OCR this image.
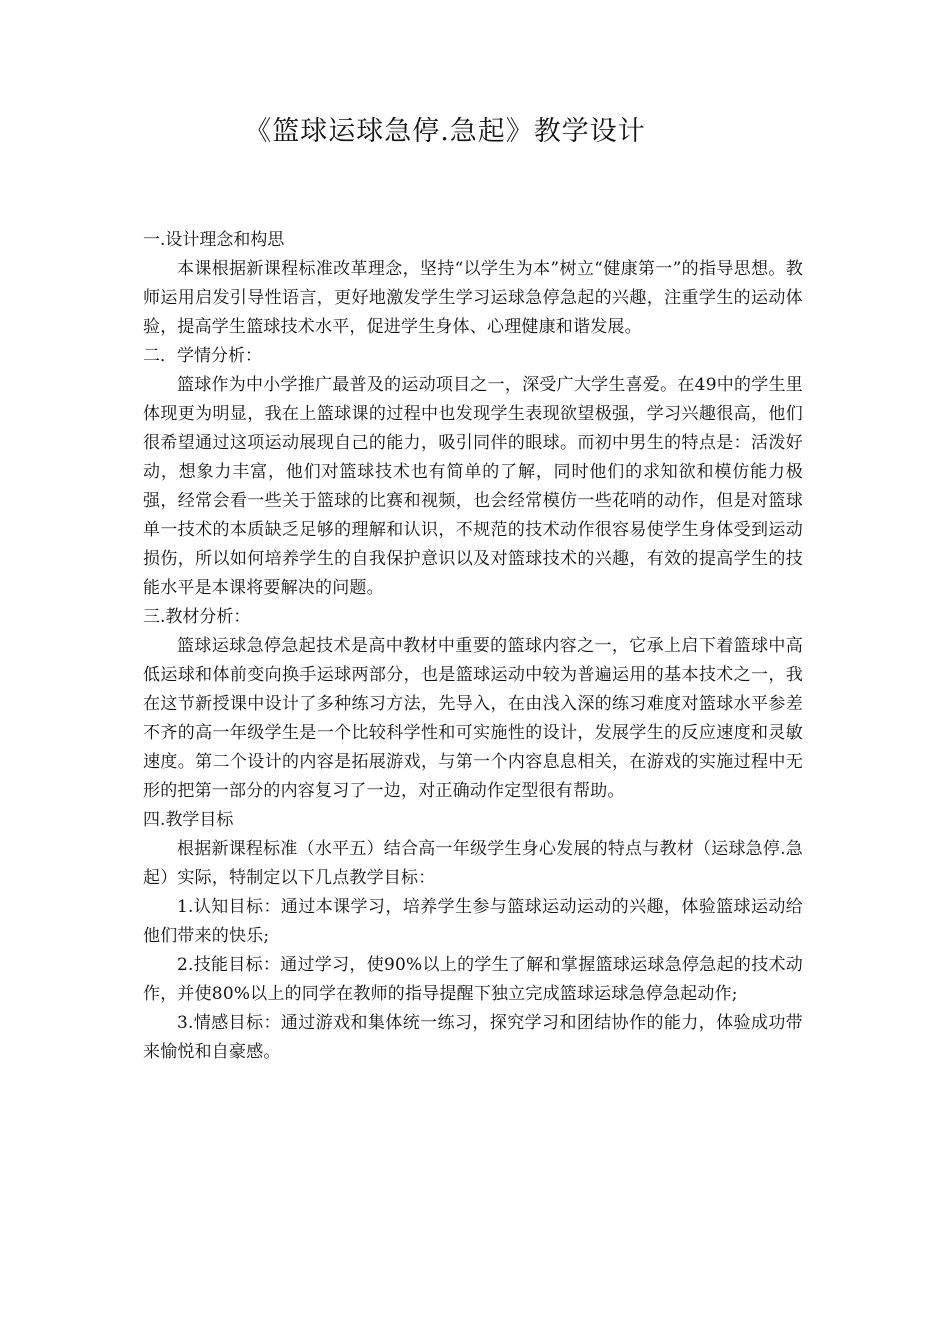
《篮球运球急停.急起》教学设计

一.设计理念和构思

本课根据新课程标准改革理念，坚持“以学生为本”树立“健康第一”的指导思想。教师运用启发引导性语言，更好地激发学生学习运球急停急起的兴趣，注重学生的运动体验，提高学生篮球技术水平，促进学生身体、心理健康和谐发展。

二．学情分析：

篮球作为中小学推广最普及的运动项目之一，深受广大学生喜爱。在49中的学生里体现更为明显，我在上篮球课的过程中也发现学生表现欲望极强，学习兴趣很高，他们很希望通过这项运动展现自己的能力，吸引同伴的眼球。而初中男生的特点是：活泼好动，想象力丰富，他们对篮球技术也有简单的了解，同时他们的求知欲和模仿能力极强，经常会看一些关于篮球的比赛和视频，也会经常模仿一些花哨的动作，但是对篮球单一技术的本质缺乏足够的理解和认识，不规范的技术动作很容易使学生身体受到运动损伤，所以如何培养学生的自我保护意识以及对篮球技术的兴趣，有效的提高学生的技能水平是本课将要解决的问题。

三.教材分析：

篮球运球急停急起技术是高中教材中重要的篮球内容之一，它承上启下着篮球中高低运球和体前变向换手运球两部分，也是篮球运动中较为普遍运用的基本技术之一，我在这节新授课中设计了多种练习方法，先导入，在由浅入深的练习难度对篮球水平参差不齐的高一年级学生是一个比较科学性和可实施性的设计，发展学生的反应速度和灵敏速度。第二个设计的内容是拓展游戏，与第一个内容息息相关，在游戏的实施过程中无形的把第一部分的内容复习了一边，对正确动作定型很有帮助。

四.教学目标

根据新课程标准（水平五）结合高一年级学生身心发展的特点与教材（运球急停.急起）实际，特制定以下几点教学目标：

1.认知目标：通过本课学习，培养学生参与篮球运动运动的兴趣，体验篮球运动给他们带来的快乐;

2.技能目标：通过学习，使90%以上的学生了解和掌握篮球运球急停急起的技术动作，并使80%以上的同学在教师的指导提醒下独立完成篮球运球急停急起动作;

3.情感目标：通过游戏和集体统一练习，探究学习和团结协作的能力，体验成功带来愉悦和自豪感。
